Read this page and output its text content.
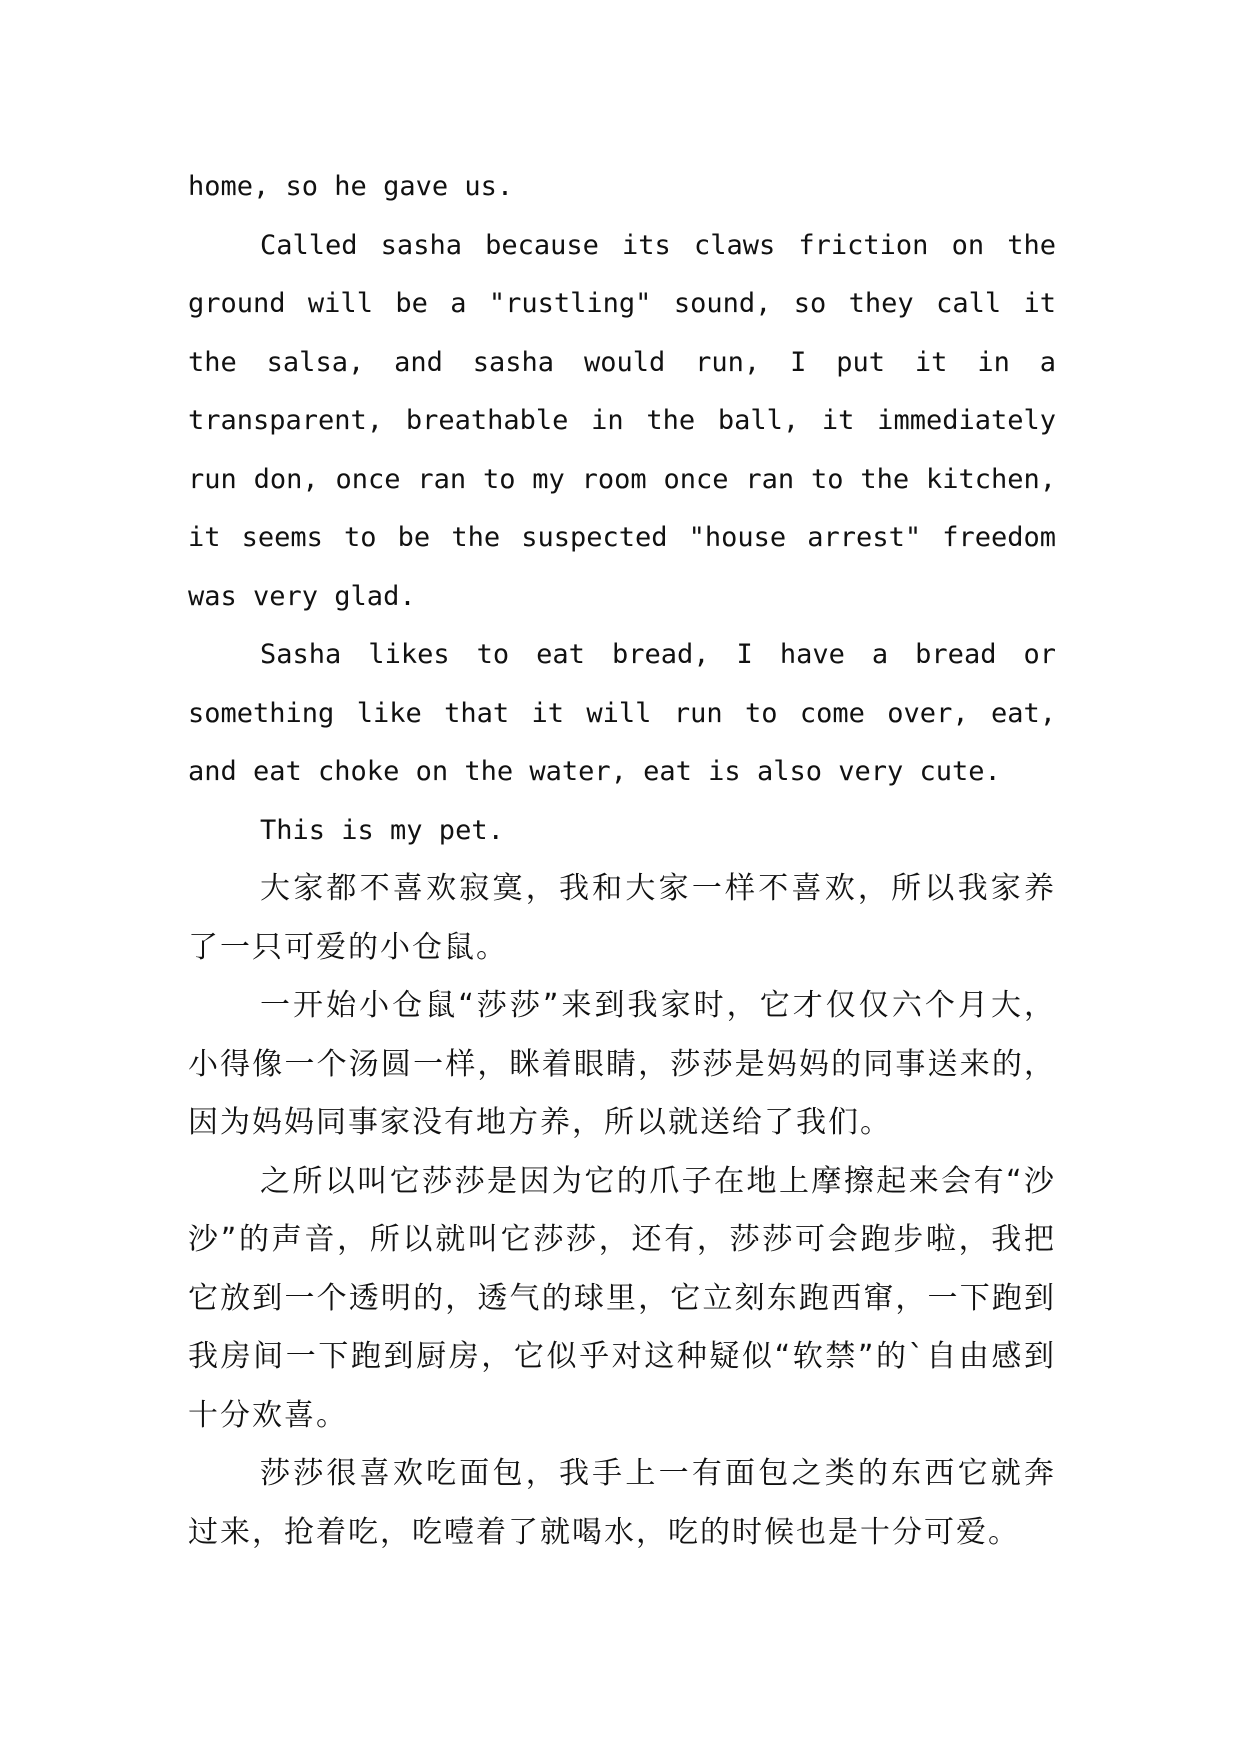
home, so he gave us.

Called sasha because its claws friction on the ground will be a "rustling" sound, so they call it the salsa, and sasha would run, I put it in a transparent, breathable in the ball, it immediately run don, once ran to my room once ran to the kitchen, it seems to be the suspected "house arrest" freedom was very glad.

Sasha likes to eat bread, I have a bread or something like that it will run to come over, eat, and eat choke on the water, eat is also very cute.

This is my pet.

大家都不喜欢寂寞，我和大家一样不喜欢，所以我家养了一只可爱的小仓鼠。

一开始小仓鼠“莎莎”来到我家时，它才仅仅六个月大，小得像一个汤圆一样，眯着眼睛，莎莎是妈妈的同事送来的，因为妈妈同事家没有地方养，所以就送给了我们。

之所以叫它莎莎是因为它的爪子在地上摩擦起来会有“沙沙”的声音，所以就叫它莎莎，还有，莎莎可会跑步啦，我把它放到一个透明的，透气的球里，它立刻东跑西窜，一下跑到我房间一下跑到厨房，它似乎对这种疑似“软禁”的`自由感到十分欢喜。

莎莎很喜欢吃面包，我手上一有面包之类的东西它就奔过来，抢着吃，吃噎着了就喝水，吃的时候也是十分可爱。
